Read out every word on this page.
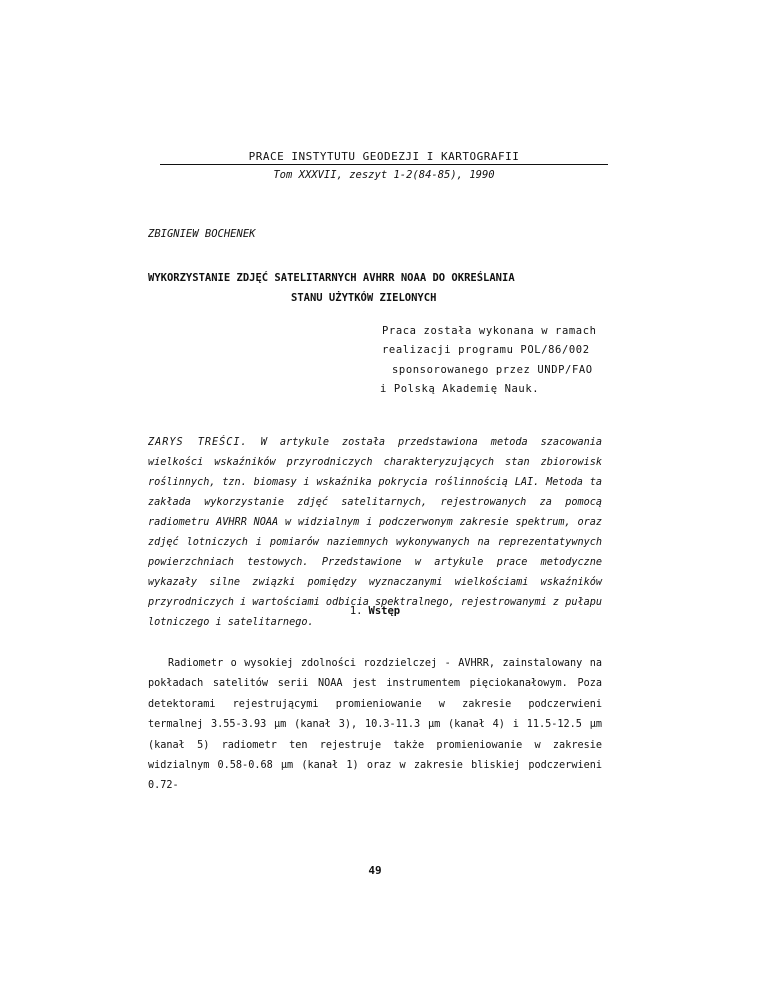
PRACE INSTYTUTU GEODEZJI I KARTOGRAFII
Tom XXXVII, zeszyt 1-2(84-85), 1990
ZBIGNIEW BOCHENEK
WYKORZYSTANIE ZDJĘĆ SATELITARNYCH AVHRR NOAA DO OKREŚLANIA
STANU UŻYTKÓW ZIELONYCH
Praca została wykonana w ramach
realizacji programu POL/86/002
sponsorowanego przez UNDP/FAO
i Polską Akademię Nauk.
ZARYS TREŚCI. W artykule została przedstawiona metoda szacowania wielkości wskaźników przyrodniczych charakteryzujących stan zbiorowisk roślinnych, tzn. biomasy i wskaźnika pokrycia roślinnością LAI. Metoda ta zakłada wykorzystanie zdjęć satelitarnych, rejestrowanych za pomocą radiometru AVHRR NOAA w widzialnym i podczerwonym zakresie spektrum, oraz zdjęć lotniczych i pomiarów naziemnych wykonywanych na reprezentatywnych powierzchniach testowych. Przedstawione w artykule prace metodyczne wykazały silne związki pomiędzy wyznaczanymi wielkościami wskaźników przyrodniczych i wartościami odbicia spektralnego, rejestrowanymi z pułapu lotniczego i satelitarnego.
1. Wstęp
Radiometr o wysokiej zdolności rozdzielczej - AVHRR, zainstalowany na pokładach satelitów serii NOAA jest instrumentem pięciokanałowym. Poza detektorami rejestrującymi promieniowanie w zakresie podczerwieni termalnej 3.55-3.93 μm (kanał 3), 10.3-11.3 μm (kanał 4) i 11.5-12.5 μm (kanał 5) radiometr ten rejestruje także promieniowanie w zakresie widzialnym 0.58-0.68 μm (kanał 1) oraz w zakresie bliskiej podczerwieni 0.72-
49
